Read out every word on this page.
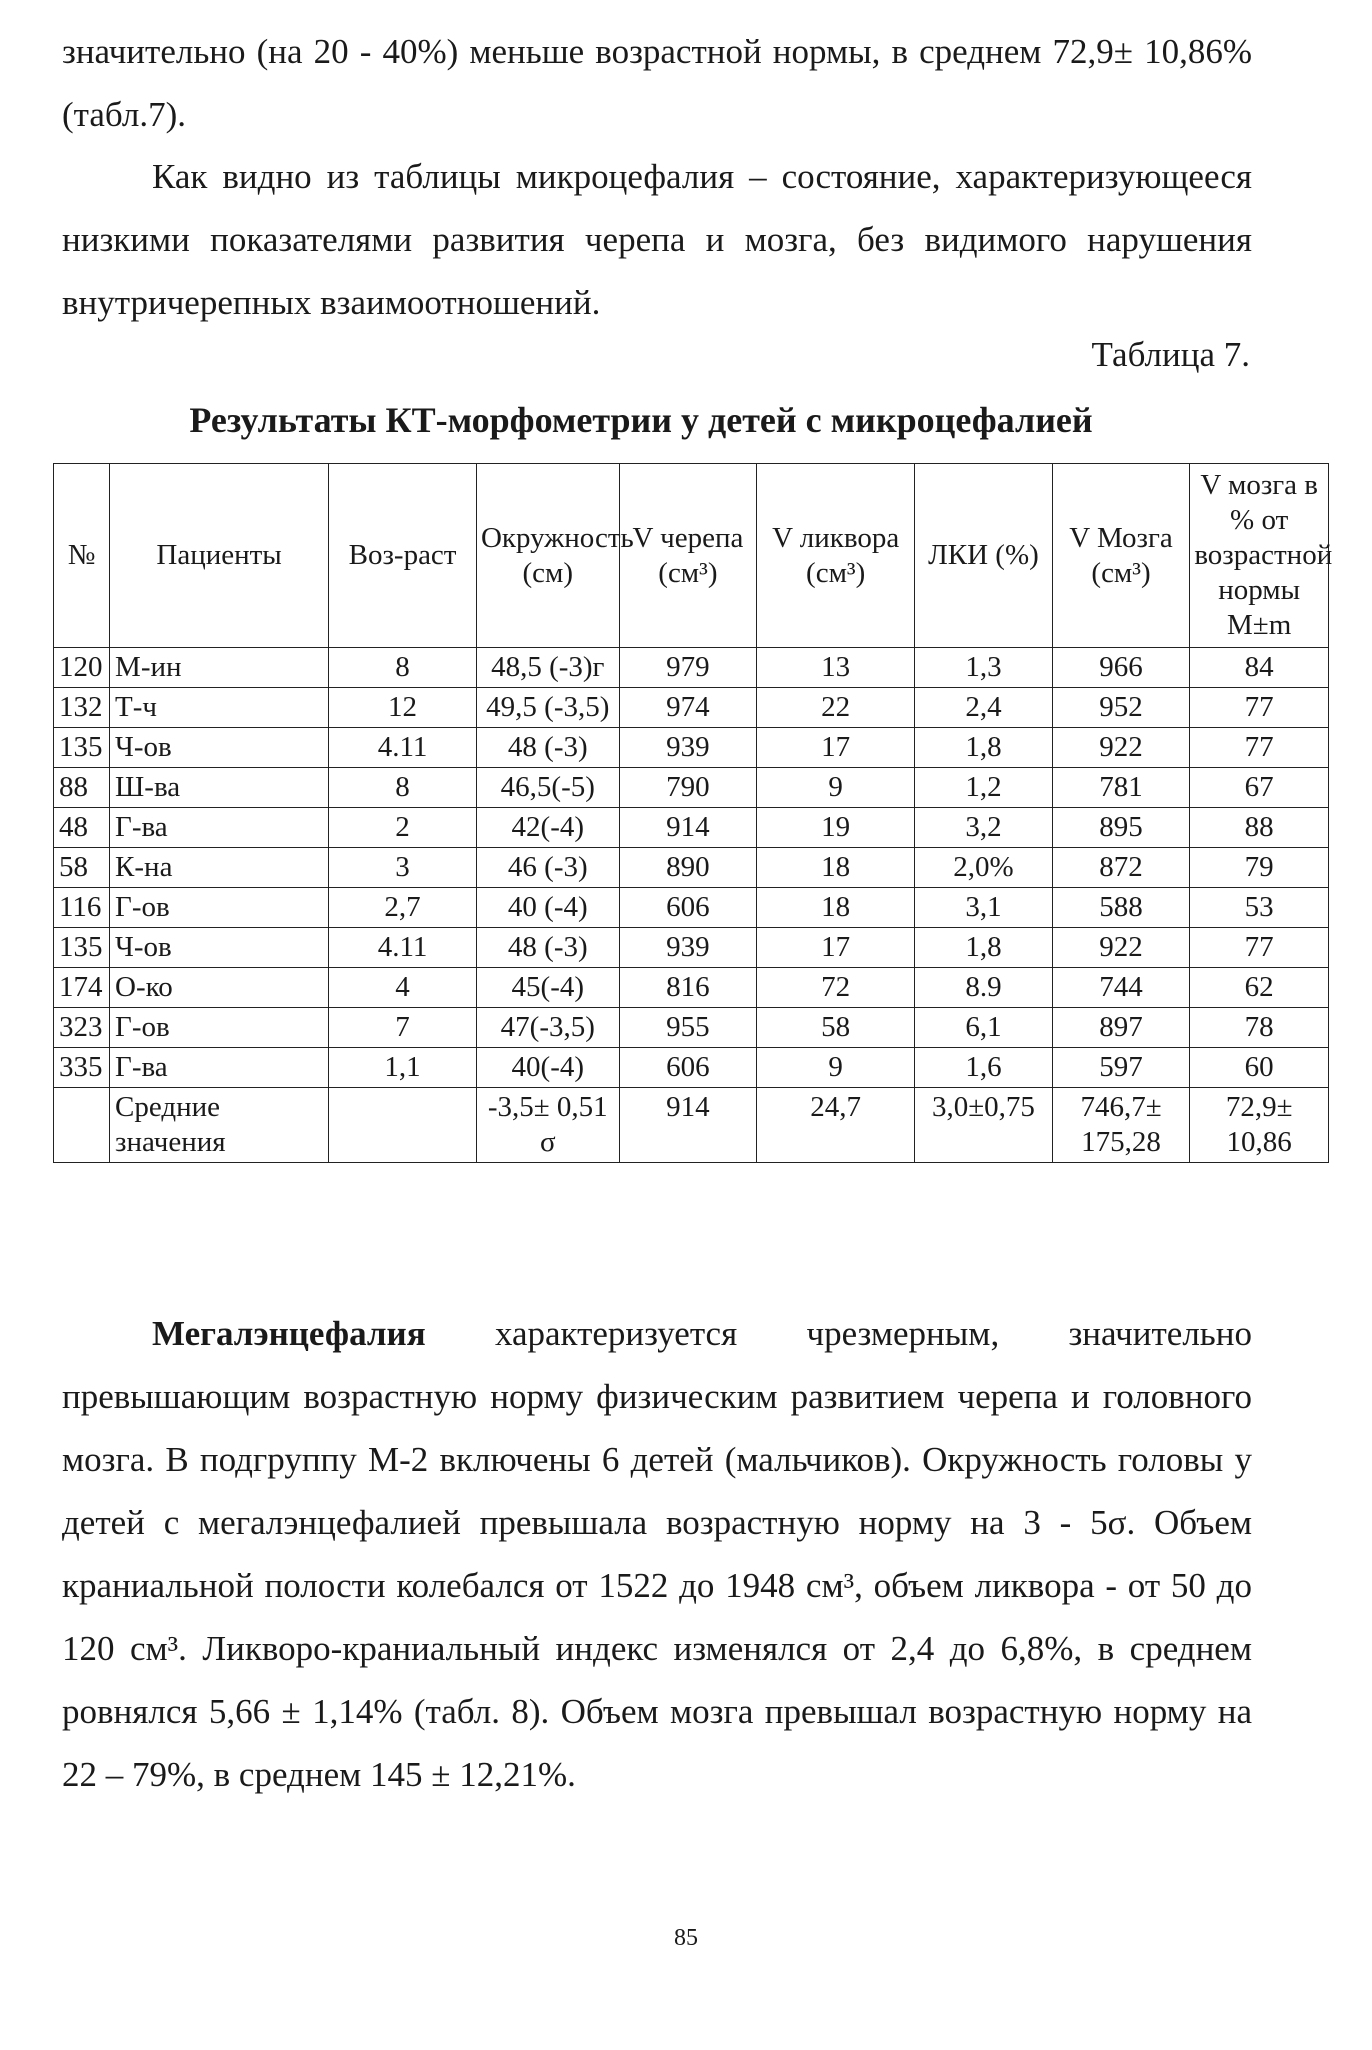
значительно (на 20 - 40%) меньше возрастной нормы, в среднем 72,9± 10,86% (табл.7).

Как видно из таблицы микроцефалия – состояние, характеризующееся низкими показателями развития черепа и мозга, без видимого нарушения внутричерепных взаимоотношений.

Таблица 7.
Результаты КТ-морфометрии у детей с микроцефалией
№	Пациенты	Воз-раст	Окружность (см)	V черепа (см³)	V ликвора (см³)	ЛКИ (%)	V Мозга (см³)	V мозга в % от возрастной нормы M±m
120	М-ин	8	48,5 (-3)г	979	13	1,3	966	84
132	Т-ч	12	49,5 (-3,5)	974	22	2,4	952	77
135	Ч-ов	4.11	48 (-3)	939	17	1,8	922	77
88	Ш-ва	8	46,5(-5)	790	9	1,2	781	67
48	Г-ва	2	42(-4)	914	19	3,2	895	88
58	К-на	3	46 (-3)	890	18	2,0%	872	79
116	Г-ов	2,7	40 (-4)	606	18	3,1	588	53
135	Ч-ов	4.11	48 (-3)	939	17	1,8	922	77
174	О-ко	4	45(-4)	816	72	8.9	744	62
323	Г-ов	7	47(-3,5)	955	58	6,1	897	78
335	Г-ва	1,1	40(-4)	606	9	1,6	597	60
	Средние значения		-3,5± 0,51 σ	914	24,7	3,0±0,75	746,7± 175,28	72,9± 10,86

Мегалэнцефалия характеризуется чрезмерным, значительно превышающим возрастную норму физическим развитием черепа и головного мозга. В подгруппу М-2 включены 6 детей (мальчиков). Окружность головы у детей с мегалэнцефалией превышала возрастную норму на 3 - 5σ. Объем краниальной полости колебался от 1522 до 1948 см³, объем ликвора - от 50 до 120 см³. Ликворо-краниальный индекс изменялся от 2,4 до 6,8%, в среднем ровнялся 5,66 ± 1,14% (табл. 8). Объем мозга превышал возрастную норму на 22 – 79%, в среднем 145 ± 12,21%.

85
